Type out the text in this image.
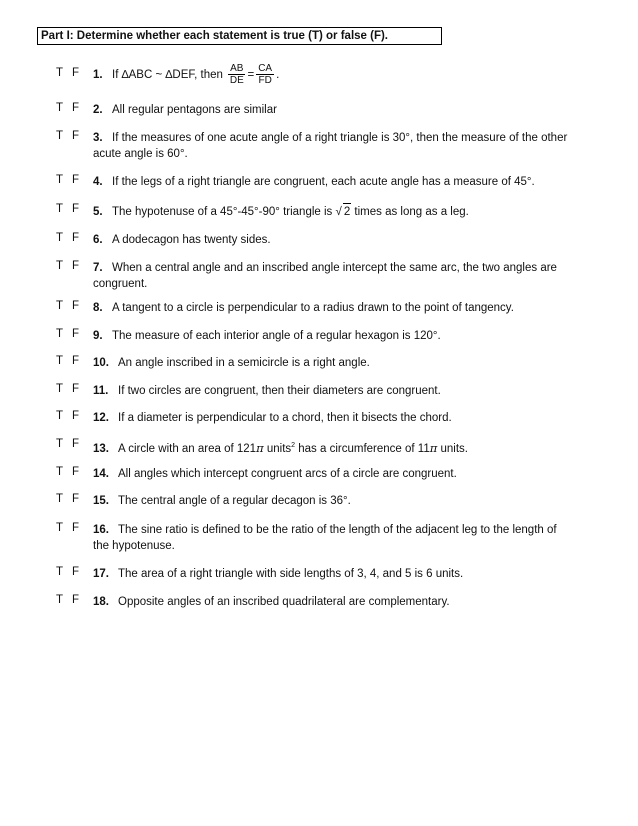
Part I: Determine whether each statement is true (T) or false (F).
T F	1. If ∆ABC ~ ∆DEF, then $\frac{AB}{DE} = \frac{CA}{FD}$ .
T F	2. All regular pentagons are similar
T F	3. If the measures of one acute angle of a right triangle is 30°, then the measure of the other acute angle is 60°.
T F	4. If the legs of a right triangle are congruent, each acute angle has a measure of 45°.
T F	5. The hypotenuse of a 45°-45°-90° triangle is √ 2 times as long as a leg.
T F	6. A dodecagon has twenty sides.
T F	7. When a central angle and an inscribed angle intercept the same arc, the two angles are congruent.
T F	8. A tangent to a circle is perpendicular to a radius drawn to the point of tangency.
T F	9. The measure of each interior angle of a regular hexagon is 120°.
T F	10. An angle inscribed in a semicircle is a right angle.
T F	11. If two circles are congruent, then their diameters are congruent.
T F	12. If a diameter is perpendicular to a chord, then it bisects the chord.
T F	13. A circle with an area of 121π units$^2$ has a circumference of 11π units.
T F	14. All angles which intercept congruent arcs of a circle are congruent.
T F	15. The central angle of a regular decagon is 36°.
T F	16. The sine ratio is defined to be the ratio of the length of the adjacent leg to the length of the hypotenuse.
T F	17. The area of a right triangle with side lengths of 3, 4, and 5 is 6 units.
T F	18. Opposite angles of an inscribed quadrilateral are complementary.
